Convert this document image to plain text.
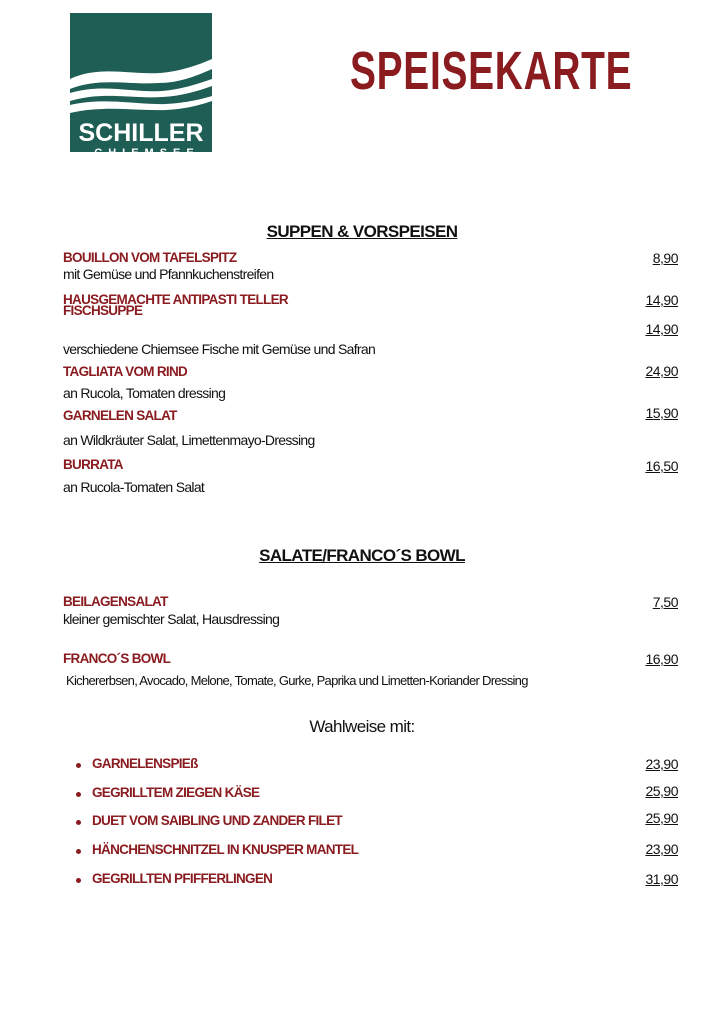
SCHILLER
CHIEMSEE
SPEISEKARTE
SUPPEN & VORSPEISEN
BOUILLON VOM TAFELSPITZ
mit Gemüse und Pfannkuchenstreifen
8,90
HAUSGEMACHTE ANTIPASTI TELLER	14,90
FISCHSUPPE
14,90
verschiedene Chiemsee Fische mit Gemüse und Safran
TAGLIATA VOM RIND	24,90
an Rucola, Tomaten dressing
GARNELEN SALAT	15,90
an Wildkräuter Salat, Limettenmayo-Dressing
BURRATA	16,50
an Rucola-Tomaten Salat
SALATE/FRANCO´S BOWL
BEILAGENSALAT	7,50
kleiner gemischter Salat, Hausdressing
FRANCO´S BOWL	16,90
Kichererbsen, Avocado, Melone, Tomate, Gurke, Paprika und Limetten-Koriander Dressing
Wahlweise mit:
GARNELENSPIEß	23,90
GEGRILLTEM ZIEGEN KÄSE	25,90
DUET VOM SAIBLING UND ZANDER FILET	25,90
HÄNCHENSCHNITZEL IN KNUSPER MANTEL	23,90
GEGRILLTEN PFIFFERLINGEN	31,90
